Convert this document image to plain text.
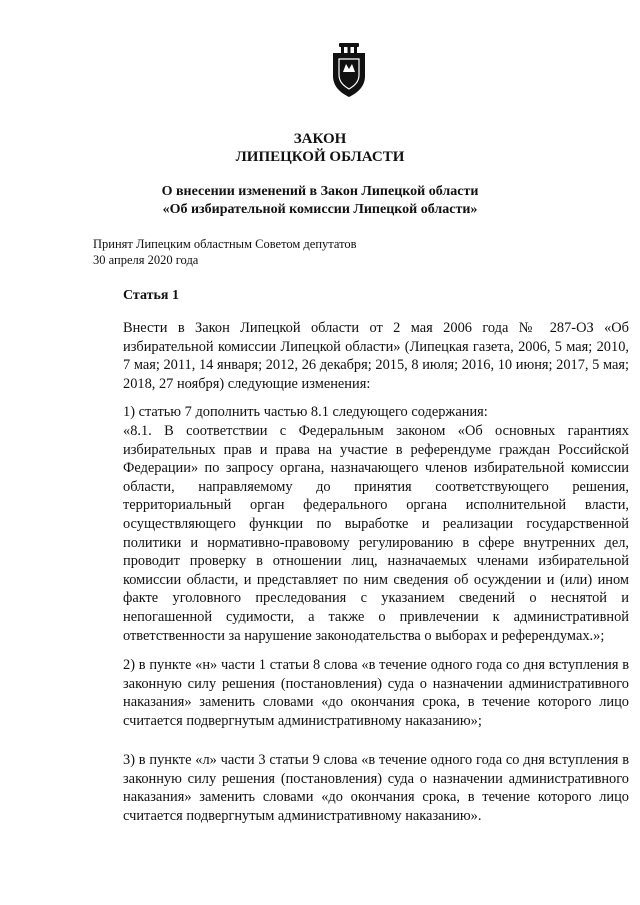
ЗАКОН
ЛИПЕЦКОЙ ОБЛАСТИ
О внесении изменений в Закон Липецкой области
«Об избирательной комиссии Липецкой области»
Принят Липецким областным Советом депутатов
30 апреля 2020 года
Статья 1
Внести в Закон Липецкой области от 2 мая 2006 года № 287-ОЗ «Об избирательной комиссии Липецкой области» (Липецкая газета, 2006, 5 мая; 2010, 7 мая; 2011, 14 января; 2012, 26 декабря; 2015, 8 июля; 2016, 10 июня; 2017, 5 мая; 2018, 27 ноября) следующие изменения:
1) статью 7 дополнить частью 8.1 следующего содержания:
«8.1. В соответствии с Федеральным законом «Об основных гарантиях избирательных прав и права на участие в референдуме граждан Российской Федерации» по запросу органа, назначающего членов избирательной комиссии области, направляемому до принятия соответствующего решения, территориальный орган федерального органа исполнительной власти, осуществляющего функции по выработке и реализации государственной политики и нормативно-правовому регулированию в сфере внутренних дел, проводит проверку в отношении лиц, назначаемых членами избирательной комиссии области, и представляет по ним сведения об осуждении и (или) ином факте уголовного преследования с указанием сведений о неснятой и непогашенной судимости, а также о привлечении к административной ответственности за нарушение законодательства о выборах и референдумах.»;
2) в пункте «н» части 1 статьи 8 слова «в течение одного года со дня вступления в законную силу решения (постановления) суда о назначении административного наказания» заменить словами «до окончания срока, в течение которого лицо считается подвергнутым административному наказанию»;
3) в пункте «л» части 3 статьи 9 слова «в течение одного года со дня вступления в законную силу решения (постановления) суда о назначении административного наказания» заменить словами «до окончания срока, в течение которого лицо считается подвергнутым административному наказанию».
